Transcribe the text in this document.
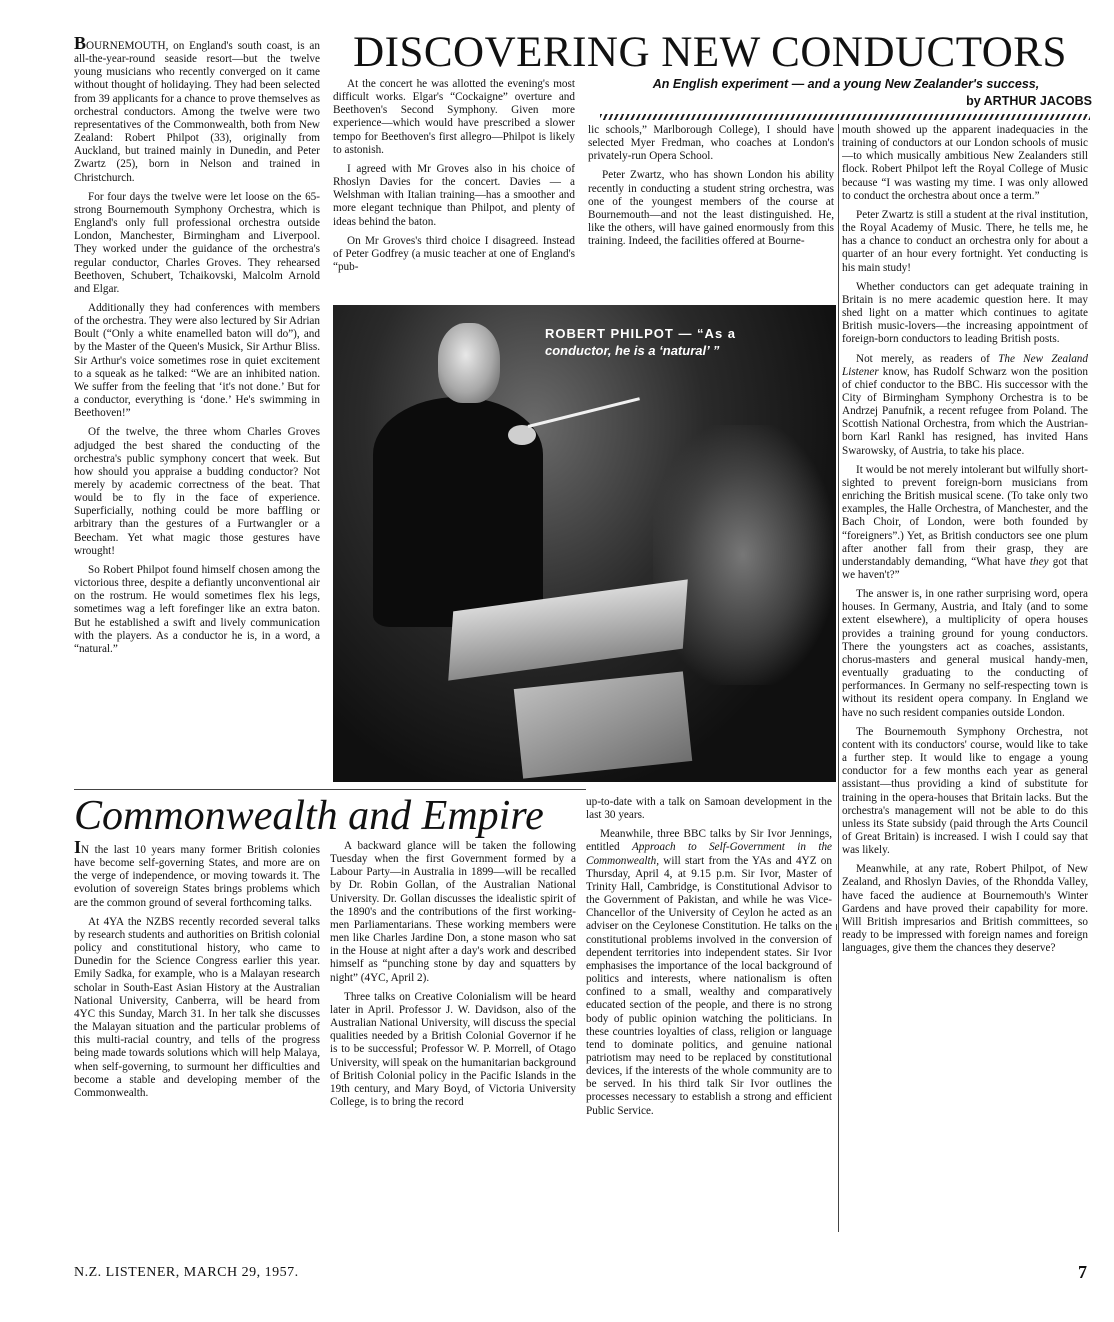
DISCOVERING NEW CONDUCTORS
An English experiment — and a young New Zealander's success,
by ARTHUR JACOBS

BOURNEMOUTH, on England's south coast, is an all-the-year-round seaside resort—but the twelve young musicians who recently converged on it came without thought of holidaying. They had been selected from 39 applicants for a chance to prove themselves as orchestral conductors. Among the twelve were two representatives of the Commonwealth, both from New Zealand: Robert Philpot (33), originally from Auckland, but trained mainly in Dunedin, and Peter Zwartz (25), born in Nelson and trained in Christchurch.

For four days the twelve were let loose on the 65-strong Bournemouth Symphony Orchestra, which is England's only full professional orchestra outside London, Manchester, Birmingham and Liverpool. They worked under the guidance of the orchestra's regular conductor, Charles Groves. They rehearsed Beethoven, Schubert, Tchaikovski, Malcolm Arnold and Elgar.

Additionally they had conferences with members of the orchestra. They were also lectured by Sir Adrian Boult (“Only a white enamelled baton will do”), and by the Master of the Queen's Musick, Sir Arthur Bliss. Sir Arthur's voice sometimes rose in quiet excitement to a squeak as he talked: “We are an inhibited nation. We suffer from the feeling that ‘it's not done.’ But for a conductor, everything is ‘done.’ He's swimming in Beethoven!”

Of the twelve, the three whom Charles Groves adjudged the best shared the conducting of the orchestra's public symphony concert that week. But how should you appraise a budding conductor? Not merely by academic correctness of the beat. That would be to fly in the face of experience. Superficially, nothing could be more baffling or arbitrary than the gestures of a Furtwangler or a Beecham. Yet what magic those gestures have wrought!

So Robert Philpot found himself chosen among the victorious three, despite a defiantly unconventional air on the rostrum. He would sometimes flex his legs, sometimes wag a left forefinger like an extra baton. But he established a swift and lively communication with the players. As a conductor he is, in a word, a “natural.”

At the concert he was allotted the evening's most difficult works. Elgar's “Cockaigne” overture and Beethoven's Second Symphony. Given more experience—which would have prescribed a slower tempo for Beethoven's first allegro—Philpot is likely to astonish.

I agreed with Mr Groves also in his choice of Rhoslyn Davies for the concert. Davies — a Welshman with Italian training—has a smoother and more elegant technique than Philpot, and plenty of ideas behind the baton.

On Mr Groves's third choice I disagreed. Instead of Peter Godfrey (a music teacher at one of England's “pub-

lic schools,” Marlborough College), I should have selected Myer Fredman, who coaches at London's privately-run Opera School.

Peter Zwartz, who has shown London his ability recently in conducting a student string orchestra, was one of the youngest members of the course at Bournemouth—and not the least distinguished. He, like the others, will have gained enormously from this training. Indeed, the facilities offered at Bourne-

mouth showed up the apparent inadequacies in the training of conductors at our London schools of music—to which musically ambitious New Zealanders still flock. Robert Philpot left the Royal College of Music because “I was wasting my time. I was only allowed to conduct the orchestra about once a term.”

Peter Zwartz is still a student at the rival institution, the Royal Academy of Music. There, he tells me, he has a chance to conduct an orchestra only for about a quarter of an hour every fortnight. Yet conducting is his main study!

Whether conductors can get adequate training in Britain is no mere academic question here. It may shed light on a matter which continues to agitate British music-lovers—the increasing appointment of foreign-born conductors to leading British posts.

Not merely, as readers of The New Zealand Listener know, has Rudolf Schwarz won the position of chief conductor to the BBC. His successor with the City of Birmingham Symphony Orchestra is to be Andrzej Panufnik, a recent refugee from Poland. The Scottish National Orchestra, from which the Austrian-born Karl Rankl has resigned, has invited Hans Swarowsky, of Austria, to take his place.

It would be not merely intolerant but wilfully short-sighted to prevent foreign-born musicians from enriching the British musical scene. (To take only two examples, the Halle Orchestra, of Manchester, and the Bach Choir, of London, were both founded by “foreigners”.) Yet, as British conductors see one plum after another fall from their grasp, they are understandably demanding, “What have they got that we haven't?”

The answer is, in one rather surprising word, opera houses. In Germany, Austria, and Italy (and to some extent elsewhere), a multiplicity of opera houses provides a training ground for young conductors. There the youngsters act as coaches, assistants, chorus-masters and general musical handy-men, eventually graduating to the conducting of performances. In Germany no self-respecting town is without its resident opera company. In England we have no such resident companies outside London.

The Bournemouth Symphony Orchestra, not content with its conductors' course, would like to take a further step. It would like to engage a young conductor for a few months each year as general assistant—thus providing a kind of substitute for training in the opera-houses that Britain lacks. But the orchestra's management will not be able to do this unless its State subsidy (paid through the Arts Council of Great Britain) is increased. I wish I could say that was likely.

Meanwhile, at any rate, Robert Philpot, of New Zealand, and Rhoslyn Davies, of the Rhondda Valley, have faced the audience at Bournemouth's Winter Gardens and have proved their capability for more. Will British impresarios and British committees, so ready to be impressed with foreign names and foreign languages, give them the chances they deserve?

ROBERT PHILPOT — “As a
conductor, he is a ‘natural’ ”
Commonwealth and Empire

IN the last 10 years many former British colonies have become self-governing States, and more are on the verge of independence, or moving towards it. The evolution of sovereign States brings problems which are the common ground of several forthcoming talks.

At 4YA the NZBS recently recorded several talks by research students and authorities on British colonial policy and constitutional history, who came to Dunedin for the Science Congress earlier this year. Emily Sadka, for example, who is a Malayan research scholar in South-East Asian History at the Australian National University, Canberra, will be heard from 4YC this Sunday, March 31. In her talk she discusses the Malayan situation and the particular problems of this multi-racial country, and tells of the progress being made towards solutions which will help Malaya, when self-governing, to surmount her difficulties and become a stable and developing member of the Commonwealth.

A backward glance will be taken the following Tuesday when the first Government formed by a Labour Party—in Australia in 1899—will be recalled by Dr. Robin Gollan, of the Australian National University. Dr. Gollan discusses the idealistic spirit of the 1890's and the contributions of the first working-men Parliamentarians. These working members were men like Charles Jardine Don, a stone mason who sat in the House at night after a day's work and described himself as “punching stone by day and squatters by night” (4YC, April 2).

Three talks on Creative Colonialism will be heard later in April. Professor J. W. Davidson, also of the Australian National University, will discuss the special qualities needed by a British Colonial Governor if he is to be successful; Professor W. P. Morrell, of Otago University, will speak on the humanitarian background of British Colonial policy in the Pacific Islands in the 19th century, and Mary Boyd, of Victoria University College, is to bring the record

up-to-date with a talk on Samoan development in the last 30 years.

Meanwhile, three BBC talks by Sir Ivor Jennings, entitled Approach to Self-Government in the Commonwealth, will start from the YAs and 4YZ on Thursday, April 4, at 9.15 p.m. Sir Ivor, Master of Trinity Hall, Cambridge, is Constitutional Advisor to the Government of Pakistan, and while he was Vice-Chancellor of the University of Ceylon he acted as an adviser on the Ceylonese Constitution. He talks on the constitutional problems involved in the conversion of dependent territories into independent states. Sir Ivor emphasises the importance of the local background of politics and interests, where nationalism is often confined to a small, wealthy and comparatively educated section of the people, and there is no strong body of public opinion watching the politicians. In these countries loyalties of class, religion or language tend to dominate politics, and genuine national patriotism may need to be replaced by constitutional devices, if the interests of the whole community are to be served. In his third talk Sir Ivor outlines the processes necessary to establish a strong and efficient Public Service.

N.Z. LISTENER, MARCH 29, 1957.	7
